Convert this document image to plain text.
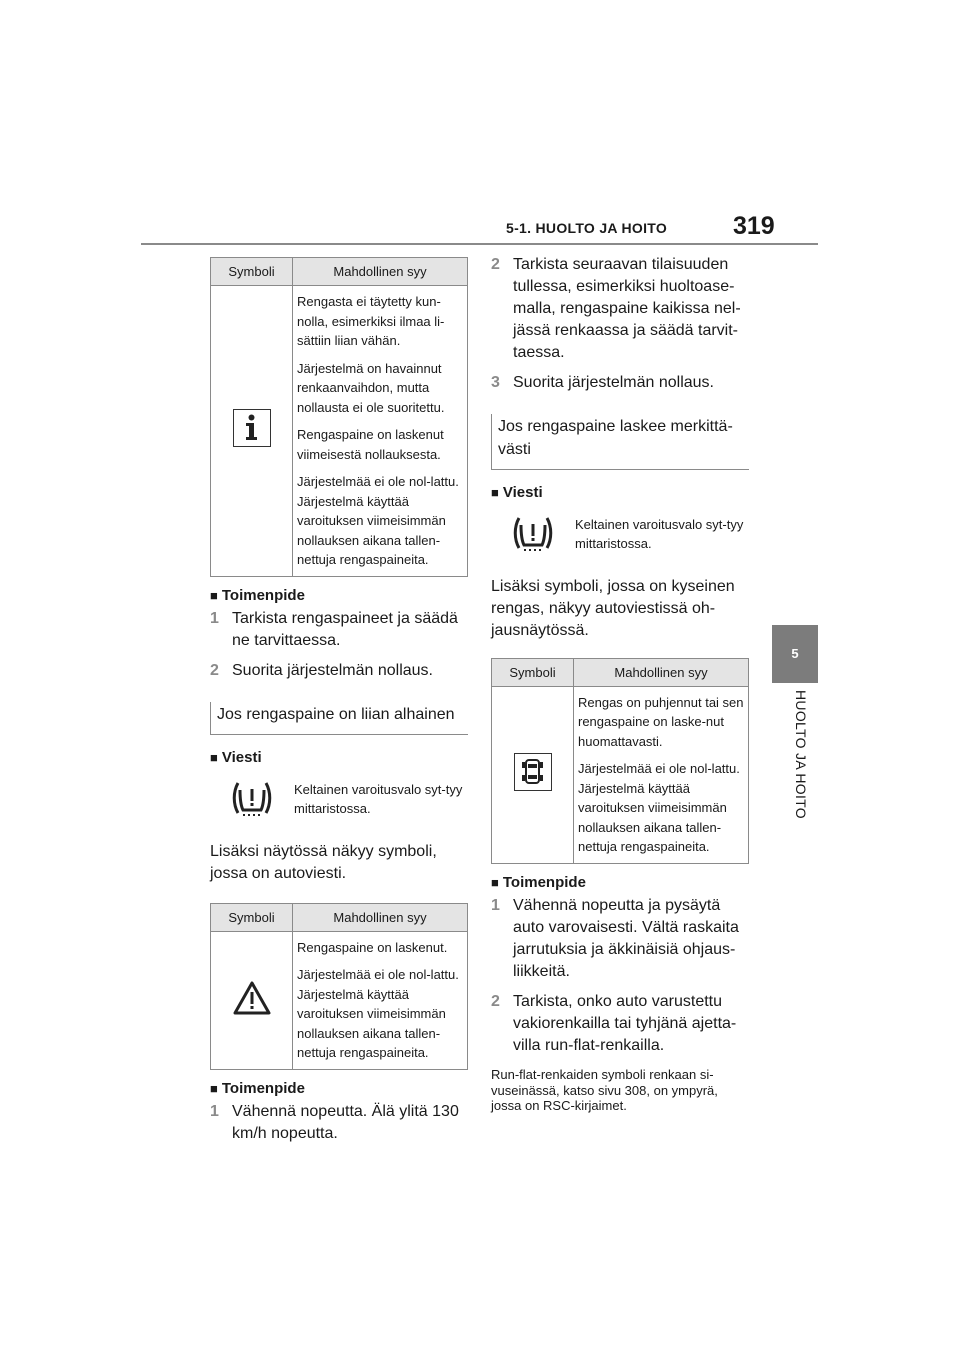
5-1. HUOLTO JA HOITO	319
5
HUOLTO JA HOITO
Symboli	Mahdollinen syy

Rengasta ei täytetty kun-nolla, esimerkiksi ilmaa li-sättiin liian vähän.

Järjestelmä on havainnut renkaanvaihdon, mutta nollausta ei ole suoritettu.

Rengaspaine on laskenut viimeisestä nollauksesta.

Järjestelmää ei ole nol-lattu. Järjestelmä käyttää varoituksen viimeisimmän nollauksen aikana tallen-nettuja rengaspaineita.

■ Toimenpide
1 Tarkista rengaspaineet ja säädä ne tarvittaessa.
2 Suorita järjestelmän nollaus.
Jos rengaspaine on liian alhainen
■ Viesti
Keltainen varoitusvalo syt-tyy mittaristossa.
Lisäksi näytössä näkyy symboli, jossa on autoviesti.
Symboli	Mahdollinen syy

Rengaspaine on laskenut.

Järjestelmää ei ole nol-lattu. Järjestelmä käyttää varoituksen viimeisimmän nollauksen aikana tallen-nettuja rengaspaineita.

■ Toimenpide
1 Vähennä nopeutta. Älä ylitä 130 km/h nopeutta.
2 Tarkista seuraavan tilaisuuden tullessa, esimerkiksi huoltoase-malla, rengaspaine kaikissa nel-jässä renkaassa ja säädä tarvit-taessa.
3 Suorita järjestelmän nollaus.
Jos rengaspaine laskee merkittä-västi
■ Viesti
Keltainen varoitusvalo syt-tyy mittaristossa.
Lisäksi symboli, jossa on kyseinen rengas, näkyy autoviestissä oh-jausnäytössä.
Symboli	Mahdollinen syy

Rengas on puhjennut tai sen rengaspaine on laske-nut huomattavasti.

Järjestelmää ei ole nol-lattu. Järjestelmä käyttää varoituksen viimeisimmän nollauksen aikana tallen-nettuja rengaspaineita.

■ Toimenpide
1 Vähennä nopeutta ja pysäytä auto varovaisesti. Vältä raskaita jarrutuksia ja äkkinäisiä ohjaus-liikkeitä.
2 Tarkista, onko auto varustettu vakiorenkailla tai tyhjänä ajetta-villa run-flat-renkailla.
Run-flat-renkaiden symboli renkaan si-vuseinässä, katso sivu 308, on ympyrä, jossa on RSC-kirjaimet.
